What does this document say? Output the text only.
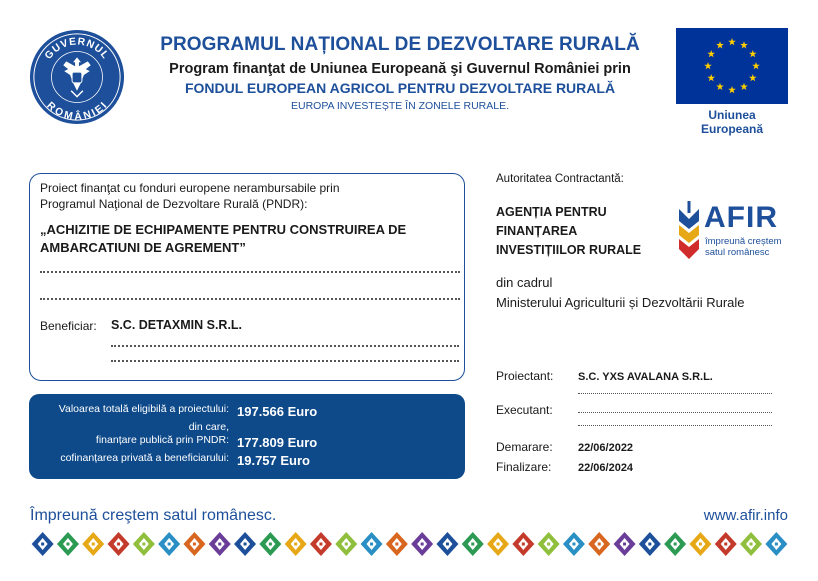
GUVERNUL
ROMÂNIEI
PROGRAMUL NAȚIONAL DE DEZVOLTARE RURALĂ
Program finanţat de Uniunea Europeană şi Guvernul României prin
FONDUL EUROPEAN AGRICOL PENTRU DEZVOLTARE RURALĂ
EUROPA INVESTEȘTE ÎN ZONELE RURALE.
Uniunea Europeană
Proiect finanţat cu fonduri europene nerambursabile prin
Programul Naţional de Dezvoltare Rurală (PNDR):
„ACHIZITIE DE ECHIPAMENTE PENTRU CONSTRUIREA DE
AMBARCATIUNI DE AGREMENT”
Beneficiar: S.C. DETAXMIN S.R.L.
Valoarea totală eligibilă a proiectului: 197.566 Euro
din care,
finanțare publică prin PNDR: 177.809 Euro
cofinanțarea privată a beneficiarului: 19.757 Euro
Autoritatea Contractantă:
AGENȚIA PENTRU
FINANȚAREA
INVESTIȚIILOR RURALE
AFIR
împreună creștem
satul românesc
din cadrul
Ministerului Agriculturii și Dezvoltării Rurale
Proiectant: S.C. YXS AVALANA S.R.L.
Executant:
Demarare: 22/06/2022
Finalizare: 22/06/2024
Împreună creştem satul românesc.	www.afir.info
